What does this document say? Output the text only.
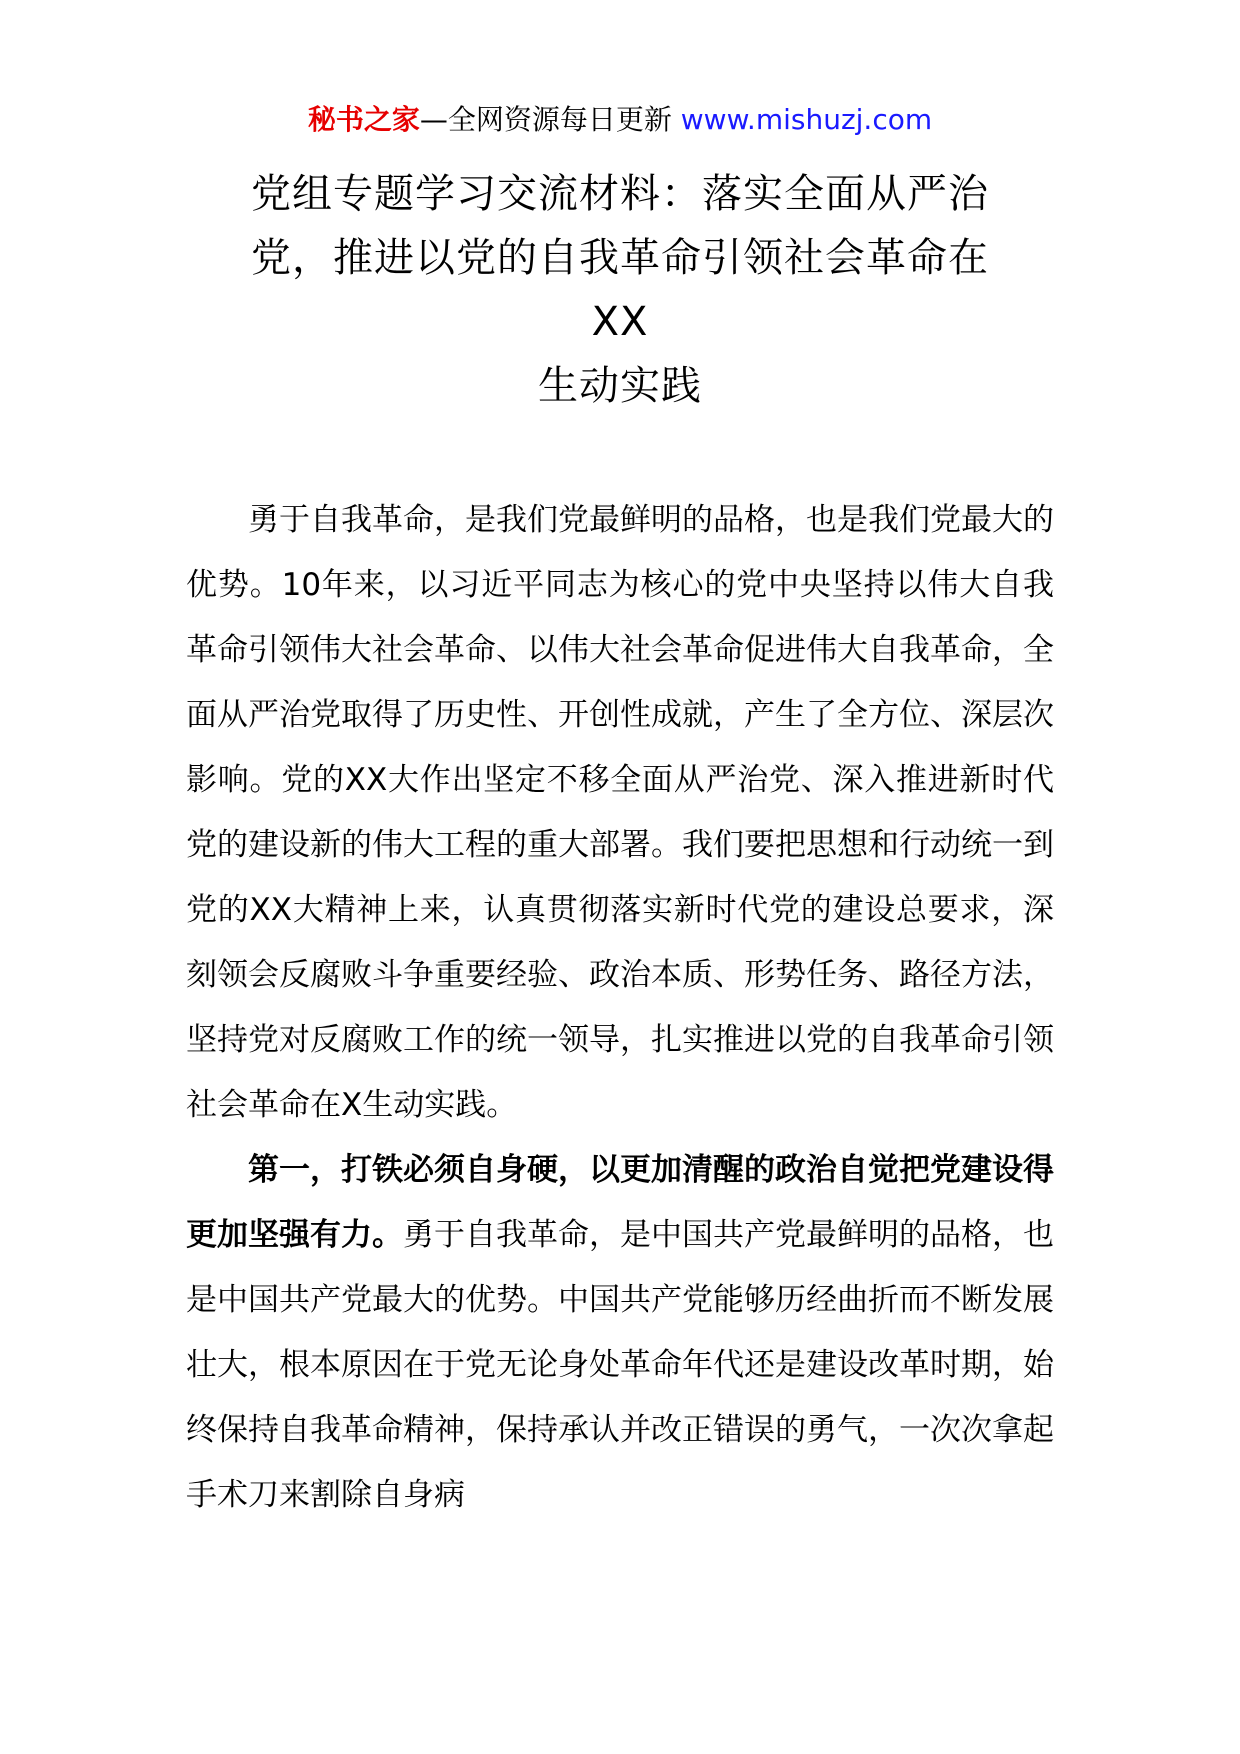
秘书之家—全网资源每日更新 www.mishuzj.com
党组专题学习交流材料：落实全面从严治
党，推进以党的自我革命引领社会革命在
XX
生动实践

勇于自我革命，是我们党最鲜明的品格，也是我们党最大的优势。10年来，以习近平同志为核心的党中央坚持以伟大自我革命引领伟大社会革命、以伟大社会革命促进伟大自我革命，全面从严治党取得了历史性、开创性成就，产生了全方位、深层次影响。党的XX大作出坚定不移全面从严治党、深入推进新时代党的建设新的伟大工程的重大部署。我们要把思想和行动统一到党的XX大精神上来，认真贯彻落实新时代党的建设总要求，深刻领会反腐败斗争重要经验、政治本质、形势任务、路径方法，坚持党对反腐败工作的统一领导，扎实推进以党的自我革命引领社会革命在X生动实践。

第一，打铁必须自身硬，以更加清醒的政治自觉把党建设得更加坚强有力。勇于自我革命，是中国共产党最鲜明的品格，也是中国共产党最大的优势。中国共产党能够历经曲折而不断发展壮大，根本原因在于党无论身处革命年代还是建设改革时期，始终保持自我革命精神，保持承认并改正错误的勇气，一次次拿起手术刀来割除自身病
